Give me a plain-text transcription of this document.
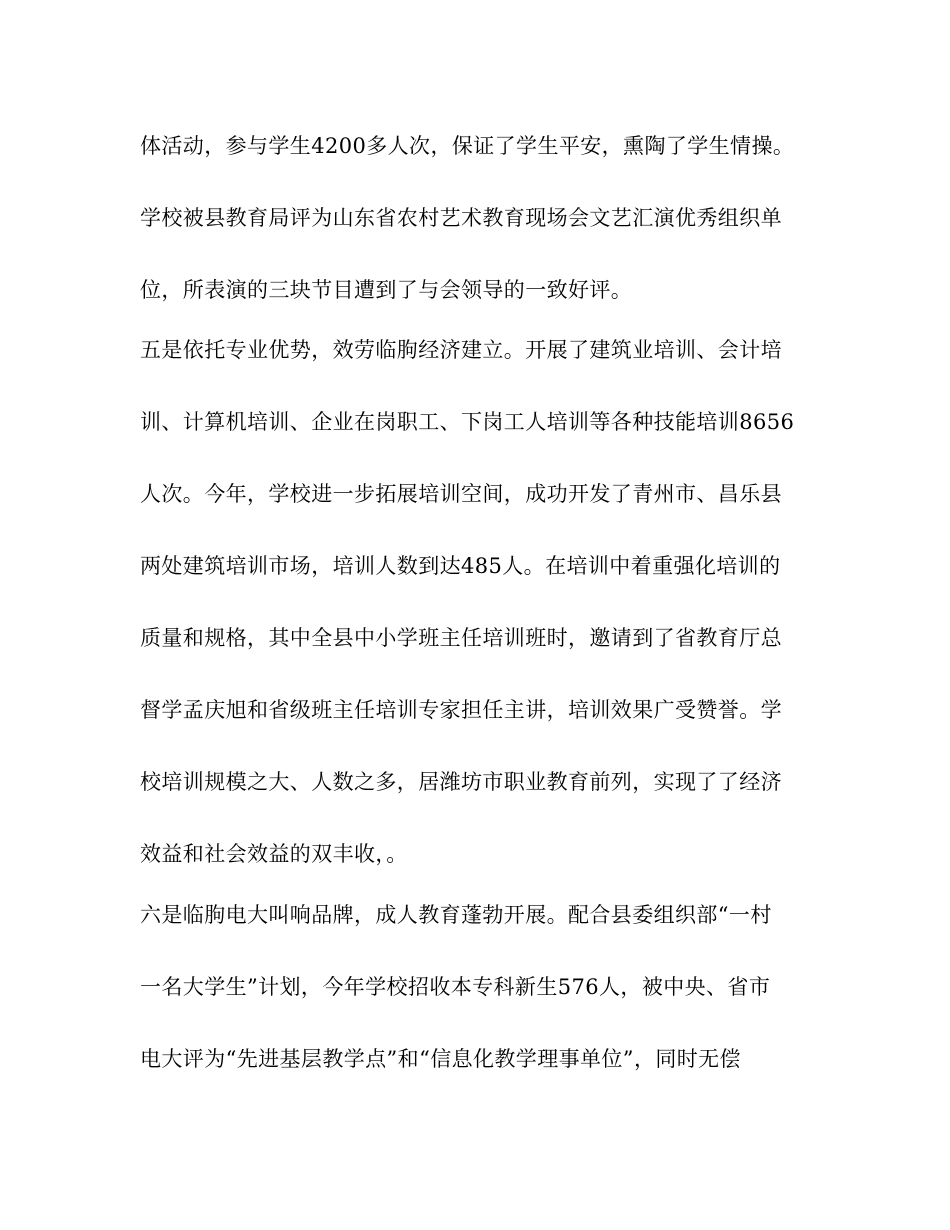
体活动，参与学生4200多人次，保证了学生平安，熏陶了学生情操。
学校被县教育局评为山东省农村艺术教育现场会文艺汇演优秀组织单
位，所表演的三块节目遭到了与会领导的一致好评。
五是依托专业优势，效劳临朐经济建立。开展了建筑业培训、会计培
训、计算机培训、企业在岗职工、下岗工人培训等各种技能培训8656
人次。今年，学校进一步拓展培训空间，成功开发了青州市、昌乐县
两处建筑培训市场，培训人数到达485人。在培训中着重强化培训的
质量和规格，其中全县中小学班主任培训班时，邀请到了省教育厅总
督学孟庆旭和省级班主任培训专家担任主讲，培训效果广受赞誉。学
校培训规模之大、人数之多，居潍坊市职业教育前列，实现了了经济
效益和社会效益的双丰收，。
六是临朐电大叫响品牌，成人教育蓬勃开展。配合县委组织部“一村
一名大学生”计划，今年学校招收本专科新生576人，被中央、省市
电大评为“先进基层教学点”和“信息化教学理事单位”，同时无偿
